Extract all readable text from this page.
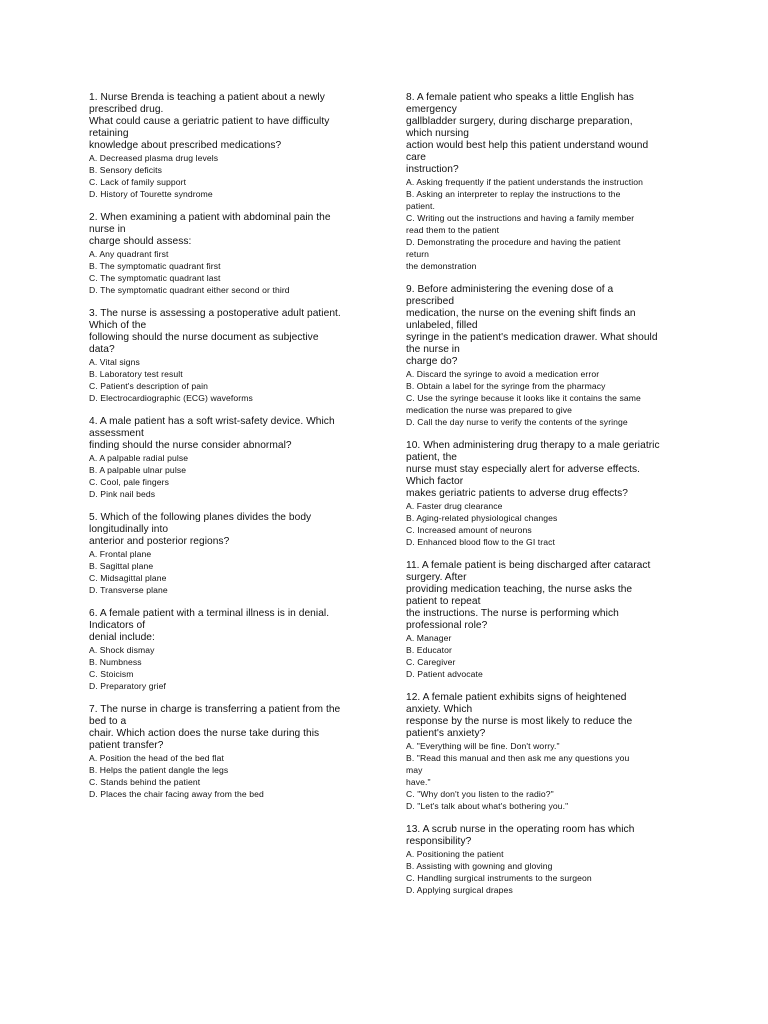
1. Nurse Brenda is teaching a patient about a newly
prescribed drug.
What could cause a geriatric patient to have difficulty
retaining
knowledge about prescribed medications?
A. Decreased plasma drug levels
B. Sensory deficits
C. Lack of family support
D. History of Tourette syndrome
2. When examining a patient with abdominal pain the
nurse in
charge should assess:
A. Any quadrant first
B. The symptomatic quadrant first
C. The symptomatic quadrant last
D. The symptomatic quadrant either second or third
3. The nurse is assessing a postoperative adult patient.
Which of the
following should the nurse document as subjective
data?
A. Vital signs
B. Laboratory test result
C. Patient's description of pain
D. Electrocardiographic (ECG) waveforms
4. A male patient has a soft wrist-safety device. Which
assessment
finding should the nurse consider abnormal?
A. A palpable radial pulse
B. A palpable ulnar pulse
C. Cool, pale fingers
D. Pink nail beds
5. Which of the following planes divides the body
longitudinally into
anterior and posterior regions?
A. Frontal plane
B. Sagittal plane
C. Midsagittal plane
D. Transverse plane
6. A female patient with a terminal illness is in denial.
Indicators of
denial include:
A. Shock dismay
B. Numbness
C. Stoicism
D. Preparatory grief
7. The nurse in charge is transferring a patient from the
bed to a
chair. Which action does the nurse take during this
patient transfer?
A. Position the head of the bed flat
B. Helps the patient dangle the legs
C. Stands behind the patient
D. Places the chair facing away from the bed
8. A female patient who speaks a little English has
emergency
gallbladder surgery, during discharge preparation,
which nursing
action would best help this patient understand wound
care
instruction?
A. Asking frequently if the patient understands the instruction
B. Asking an interpreter to replay the instructions to the
patient.
C. Writing out the instructions and having a family member
read them to the patient
D. Demonstrating the procedure and having the patient
return
the demonstration
9. Before administering the evening dose of a
prescribed
medication, the nurse on the evening shift finds an
unlabeled, filled
syringe in the patient's medication drawer. What should
the nurse in
charge do?
A. Discard the syringe to avoid a medication error
B. Obtain a label for the syringe from the pharmacy
C. Use the syringe because it looks like it contains the same
medication the nurse was prepared to give
D. Call the day nurse to verify the contents of the syringe
10. When administering drug therapy to a male geriatric
patient, the
nurse must stay especially alert for adverse effects.
Which factor
makes geriatric patients to adverse drug effects?
A. Faster drug clearance
B. Aging-related physiological changes
C. Increased amount of neurons
D. Enhanced blood flow to the GI tract
11. A female patient is being discharged after cataract
surgery. After
providing medication teaching, the nurse asks the
patient to repeat
the instructions. The nurse is performing which
professional role?
A. Manager
B. Educator
C. Caregiver
D. Patient advocate
12. A female patient exhibits signs of heightened
anxiety. Which
response by the nurse is most likely to reduce the
patient's anxiety?
A. "Everything will be fine. Don't worry."
B. "Read this manual and then ask me any questions you
may
have."
C. "Why don't you listen to the radio?"
D. "Let's talk about what's bothering you."
13. A scrub nurse in the operating room has which
responsibility?
A. Positioning the patient
B. Assisting with gowning and gloving
C. Handling surgical instruments to the surgeon
D. Applying surgical drapes
